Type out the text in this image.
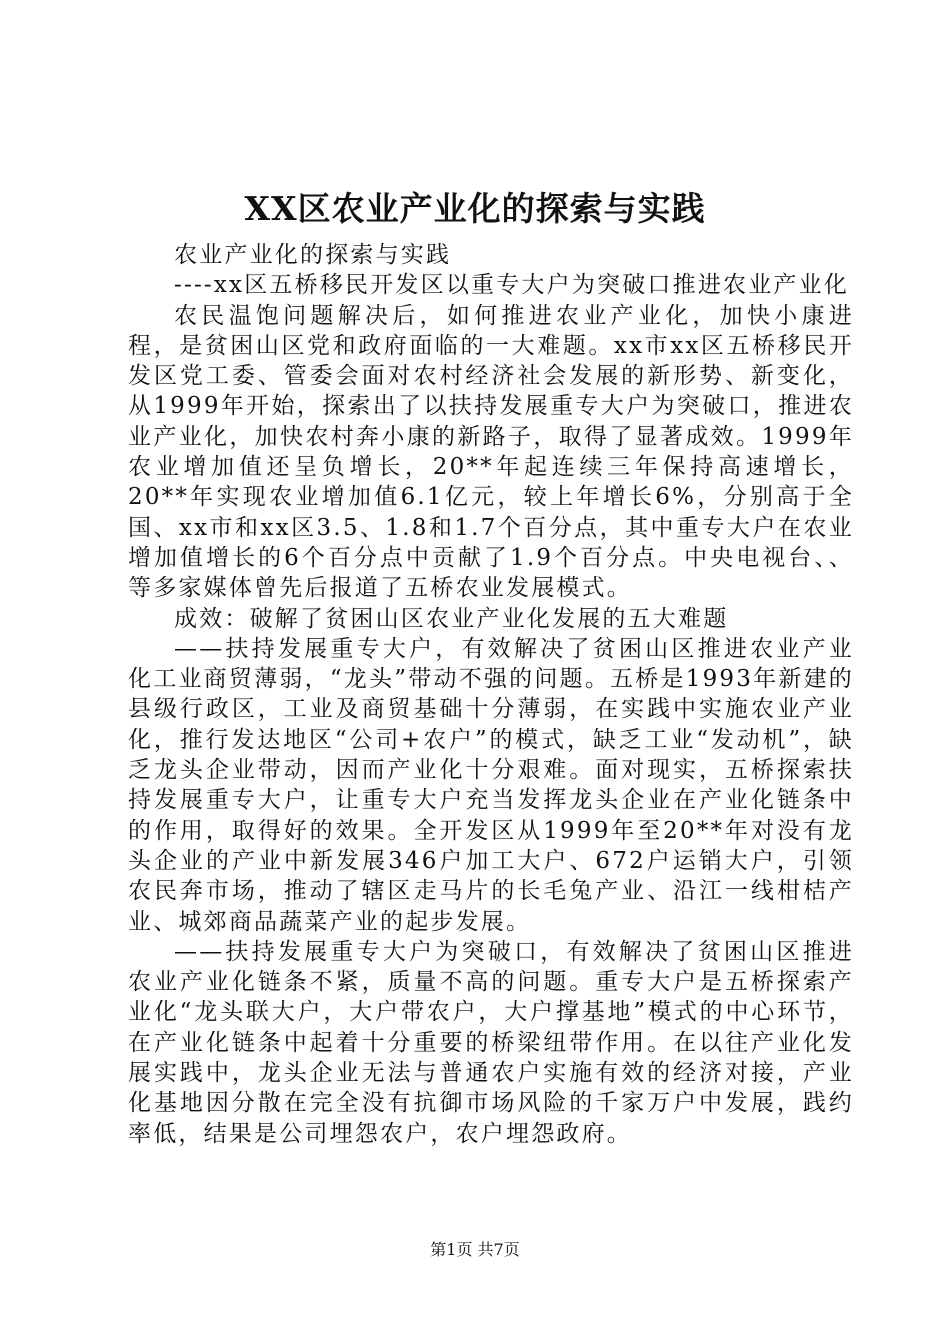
XX区农业产业化的探索与实践

农业产业化的探索与实践

----xx区五桥移民开发区以重专大户为突破口推进农业产业化

农民温饱问题解决后，如何推进农业产业化，加快小康进程，是贫困山区党和政府面临的一大难题。xx市xx区五桥移民开发区党工委、管委会面对农村经济社会发展的新形势、新变化，从1999年开始，探索出了以扶持发展重专大户为突破口，推进农业产业化，加快农村奔小康的新路子，取得了显著成效。1999年农业增加值还呈负增长，20**年起连续三年保持高速增长，20**年实现农业增加值6.1亿元，较上年增长6%，分别高于全国、xx市和xx区3.5、1.8和1.7个百分点，其中重专大户在农业增加值增长的6个百分点中贡献了1.9个百分点。中央电视台、、等多家媒体曾先后报道了五桥农业发展模式。

成效：破解了贫困山区农业产业化发展的五大难题

——扶持发展重专大户，有效解决了贫困山区推进农业产业化工业商贸薄弱，“龙头”带动不强的问题。五桥是1993年新建的县级行政区，工业及商贸基础十分薄弱，在实践中实施农业产业化，推行发达地区“公司+农户”的模式，缺乏工业“发动机”，缺乏龙头企业带动，因而产业化十分艰难。面对现实，五桥探索扶持发展重专大户，让重专大户充当发挥龙头企业在产业化链条中的作用，取得好的效果。全开发区从1999年至20**年对没有龙头企业的产业中新发展346户加工大户、672户运销大户，引领农民奔市场，推动了辖区走马片的长毛兔产业、沿江一线柑桔产业、城郊商品蔬菜产业的起步发展。

——扶持发展重专大户为突破口，有效解决了贫困山区推进农业产业化链条不紧，质量不高的问题。重专大户是五桥探索产业化“龙头联大户，大户带农户，大户撑基地”模式的中心环节，在产业化链条中起着十分重要的桥梁纽带作用。在以往产业化发展实践中，龙头企业无法与普通农户实施有效的经济对接，产业化基地因分散在完全没有抗御市场风险的千家万户中发展，践约率低，结果是公司埋怨农户，农户埋怨政府。

第1页 共7页
